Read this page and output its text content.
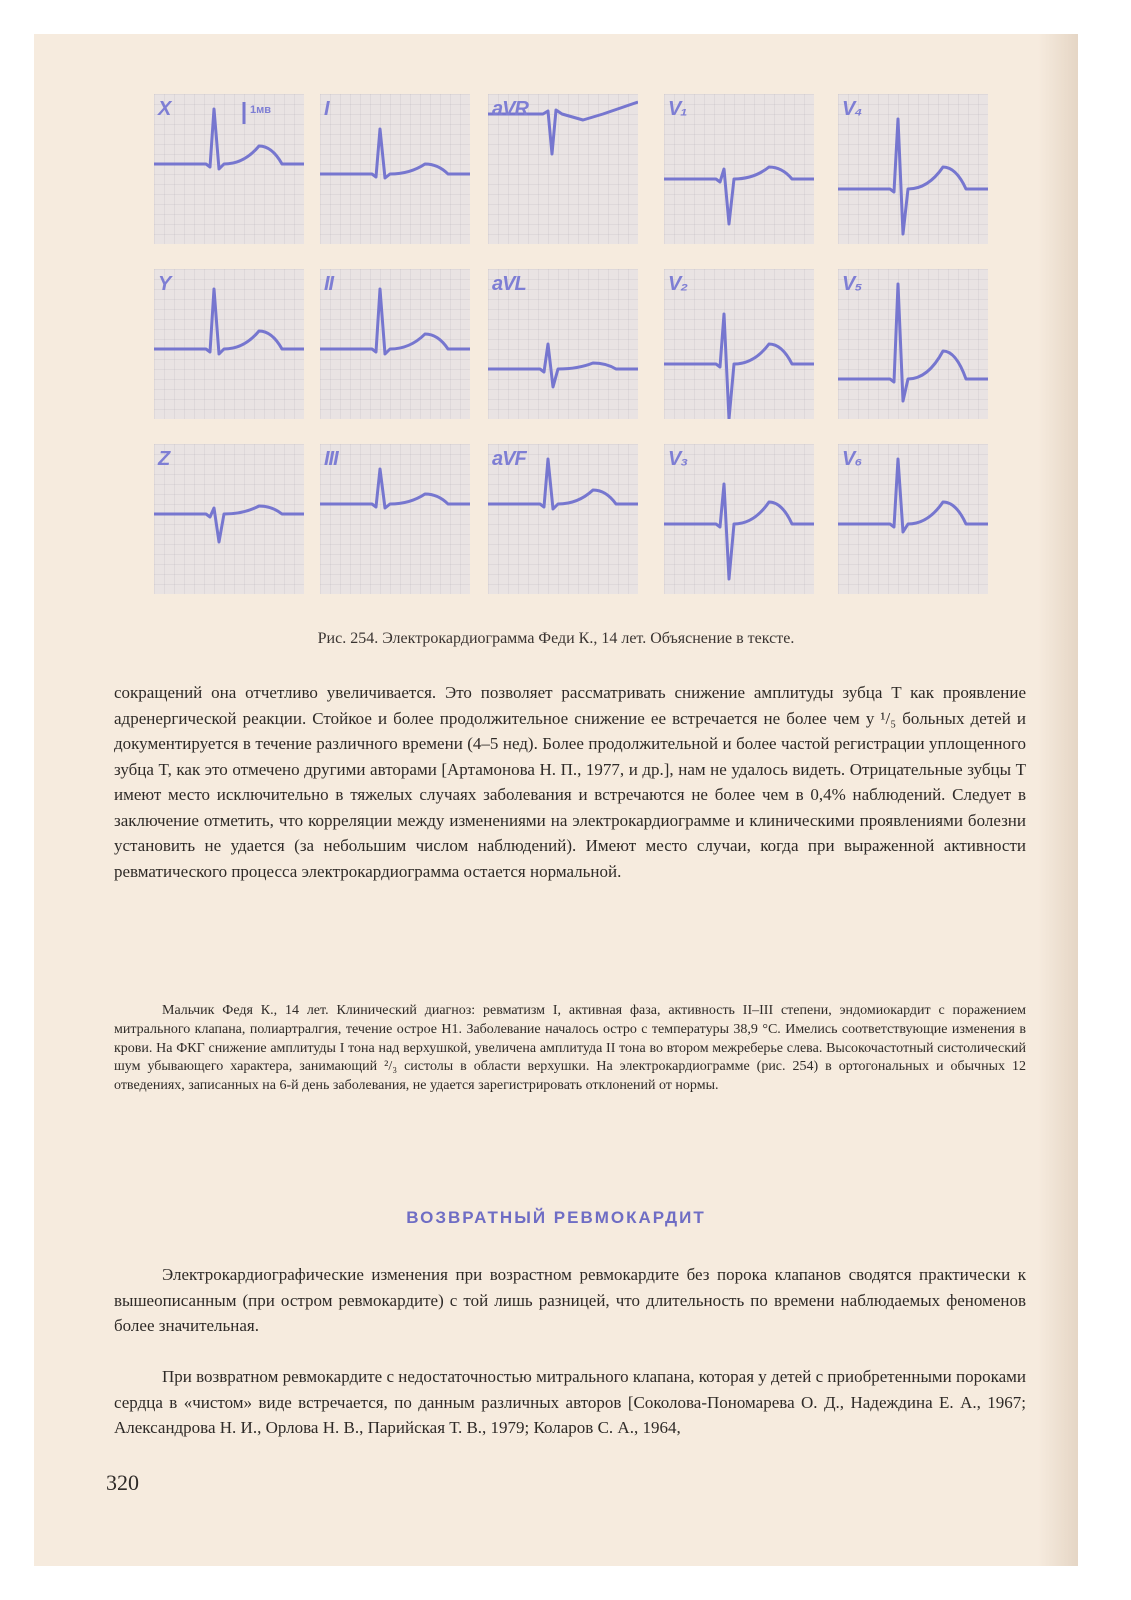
X	1мв	I	aVR	V₁	V₄
Y	II	aVL	V₂	V₅
Z	III	aVF	V₃	V₆
Рис. 254. Электрокардиограмма Феди К., 14 лет. Объяснение в тексте.

сокращений она отчетливо увеличивается. Это позволяет рассматривать снижение амплитуды зубца T как проявление адренергической реакции. Стойкое и более продолжительное снижение ее встречается не более чем у ¹/₅ больных детей и документируется в течение различного времени (4–5 нед). Более продолжительной и более частой регистрации уплощенного зубца T, как это отмечено другими авторами [Артамонова Н. П., 1977, и др.], нам не удалось видеть. Отрицательные зубцы T имеют место исключительно в тяжелых случаях заболевания и встречаются не более чем в 0,4% наблюдений. Следует в заключение отметить, что корреляции между изменениями на электрокардиограмме и клиническими проявлениями болезни установить не удается (за небольшим числом наблюдений). Имеют место случаи, когда при выраженной активности ревматического процесса электрокардиограмма остается нормальной.

Мальчик Федя К., 14 лет. Клинический диагноз: ревматизм I, активная фаза, активность II–III степени, эндомиокардит с поражением митрального клапана, полиартралгия, течение острое H1. Заболевание началось остро с температуры 38,9 °C. Имелись соответствующие изменения в крови. На ФКГ снижение амплитуды I тона над верхушкой, увеличена амплитуда II тона во втором межреберье слева. Высокочастотный систолический шум убывающего характера, занимающий ²/₃ систолы в области верхушки. На электрокардиограмме (рис. 254) в ортогональных и обычных 12 отведениях, записанных на 6-й день заболевания, не удается зарегистрировать отклонений от нормы.

ВОЗВРАТНЫЙ РЕВМОКАРДИТ

Электрокардиографические изменения при возрастном ревмокардите без порока клапанов сводятся практически к вышеописанным (при остром ревмокардите) с той лишь разницей, что длительность по времени наблюдаемых феноменов более значительная.

При возвратном ревмокардите с недостаточностью митрального клапана, которая у детей с приобретенными пороками сердца в «чистом» виде встречается, по данным различных авторов [Соколова-Пономарева О. Д., Надеждина Е. А., 1967; Александрова Н. И., Орлова Н. В., Парийская Т. В., 1979; Коларов С. А., 1964,

320
